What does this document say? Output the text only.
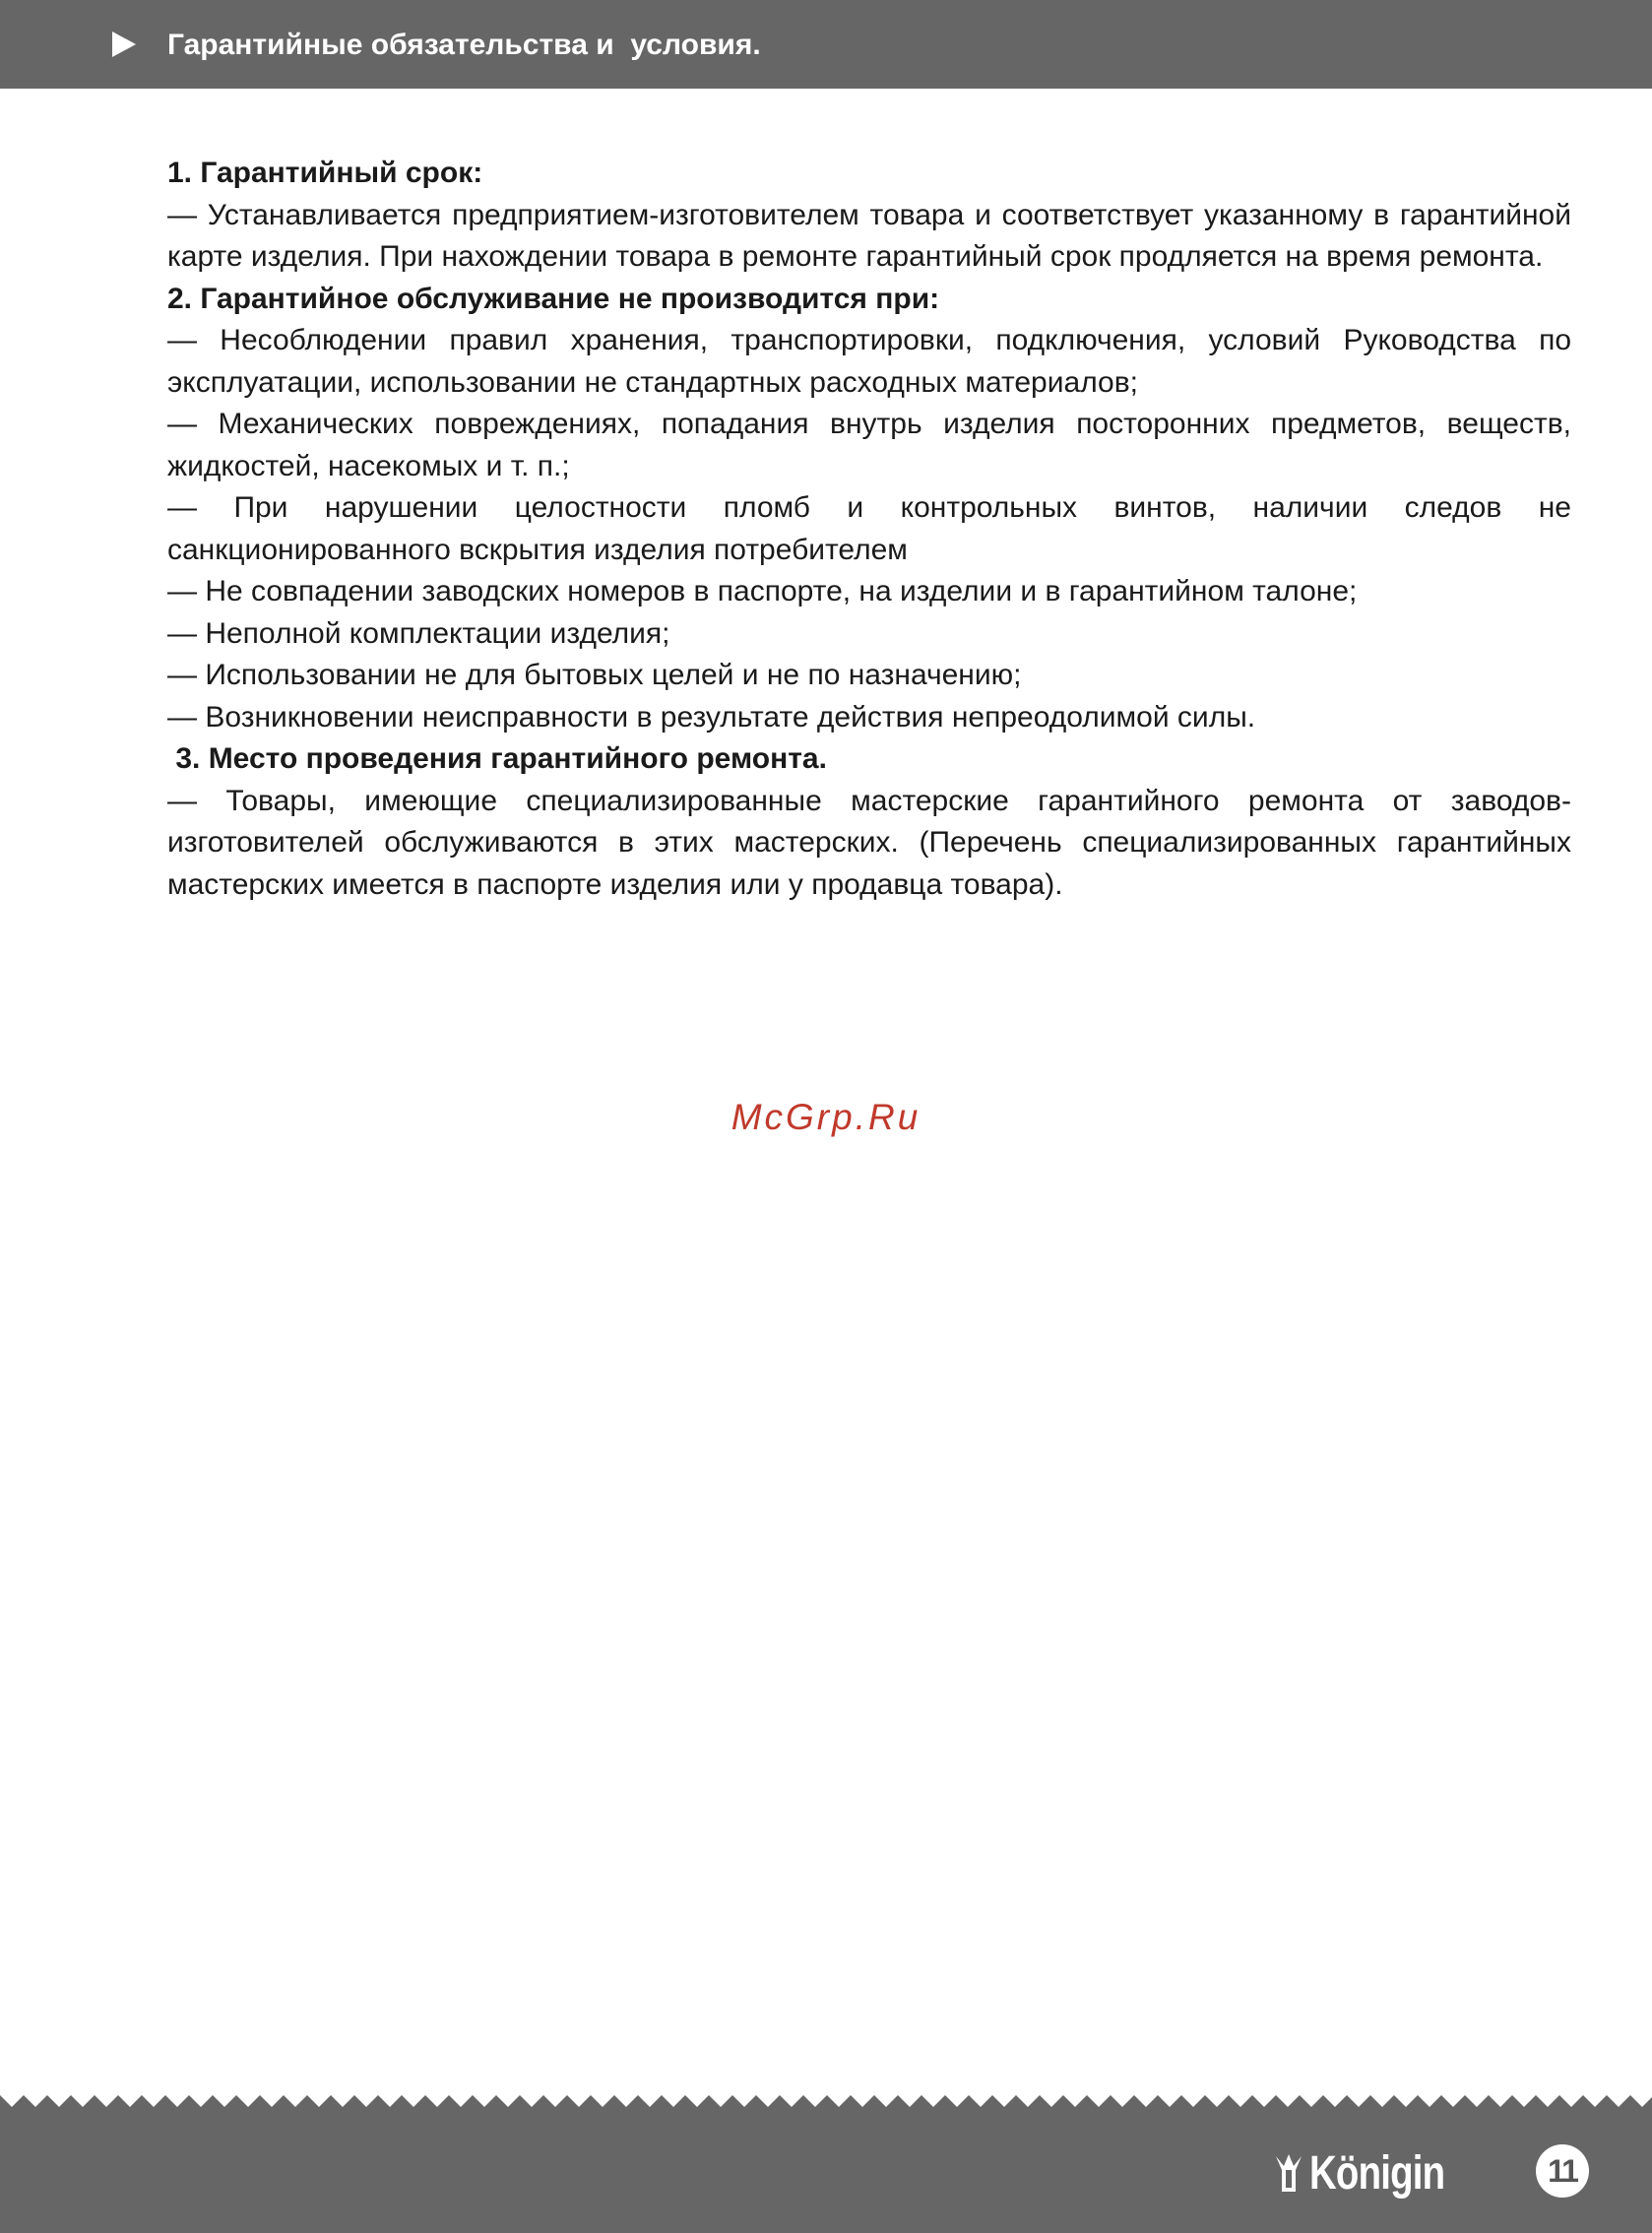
Гарантийные обязательства и  условия.

1. Гарантийный срок:

— Устанавливается предприятием-изготовителем товара и соответствует указанному в гарантийной карте изделия. При нахождении товара в ремонте гарантийный срок продляется на время ремонта.

2. Гарантийное обслуживание не производится при:

— Несоблюдении правил хранения, транспортировки, подключения, условий Руководства по эксплуатации, использовании не стандартных расходных материалов;

— Механических повреждениях, попадания внутрь изделия посторонних предметов, веществ, жидкостей, насекомых и т. п.;

— При нарушении целостности пломб и контрольных винтов, наличии следов не санкционированного вскрытия изделия потребителем

— Не совпадении заводских номеров в паспорте, на изделии и в гарантийном талоне;

— Неполной комплектации изделия;

— Использовании не для бытовых целей и не по назначению;

— Возникновении неисправности в результате действия непреодолимой силы.

3. Место проведения гарантийного ремонта.

— Товары, имеющие специализированные мастерские гарантийного ремонта от заводов-изготовителей обслуживаются в этих мастерских. (Перечень специализированных гарантийных мастерских имеется в паспорте изделия или у продавца товара).

McGrp.Ru
Königin	11
